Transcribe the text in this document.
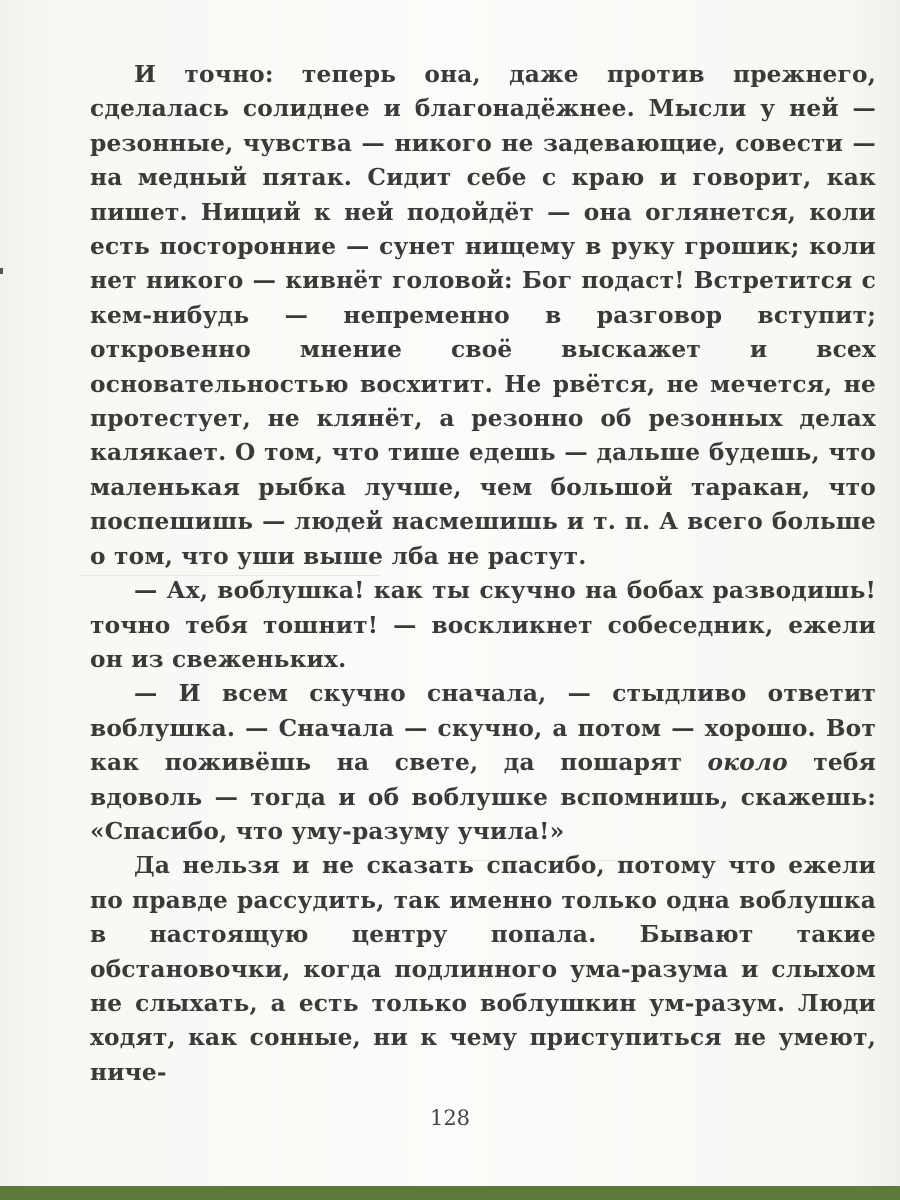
И точно: теперь она, даже против прежнего, сделалась солиднее и благонадёжнее. Мысли у ней — резонные, чувства — никого не задевающие, совести — на медный пятак. Сидит себе с краю и говорит, как пишет. Нищий к ней подойдёт — она оглянется, коли есть посторонние — сунет нищему в руку грошик; коли нет никого — кивнёт головой: Бог подаст! Встретится с кем-нибудь — непременно в разговор вступит; откровенно мнение своё выскажет и всех основательностью восхитит. Не рвётся, не мечется, не протестует, не клянёт, а резонно об резонных делах калякает. О том, что тише едешь — дальше будешь, что маленькая рыбка лучше, чем большой таракан, что поспешишь — людей насмешишь и т. п. А всего больше о том, что уши выше лба не растут.

— Ах, воблушка! как ты скучно на бобах разводишь! точно тебя тошнит! — воскликнет собеседник, ежели он из свеженьких.

— И всем скучно сначала, — стыдливо ответит воблушка. — Сначала — скучно, а потом — хорошо. Вот как поживёшь на свете, да пошарят около тебя вдоволь — тогда и об воблушке вспомнишь, скажешь: «Спасибо, что уму-разуму учила!»

Да нельзя и не сказать спасибо, потому что ежели по правде рассудить, так именно только одна воблушка в настоящую центру попала. Бывают такие обстановочки, когда подлинного ума-разума и слыхом не слыхать, а есть только воблушкин ум-разум. Люди ходят, как сонные, ни к чему приступиться не умеют, ниче-

128
